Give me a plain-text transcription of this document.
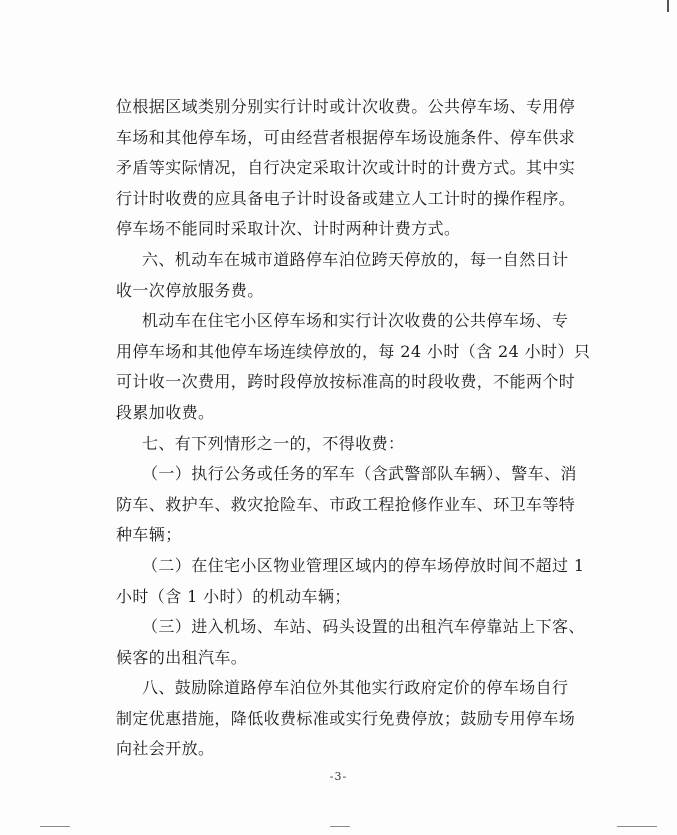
位根据区域类别分别实行计时或计次收费。公共停车场、专用停
车场和其他停车场，可由经营者根据停车场设施条件、停车供求
矛盾等实际情况，自行决定采取计次或计时的计费方式。其中实
行计时收费的应具备电子计时设备或建立人工计时的操作程序。
停车场不能同时采取计次、计时两种计费方式。
六、机动车在城市道路停车泊位跨天停放的，每一自然日计
收一次停放服务费。
机动车在住宅小区停车场和实行计次收费的公共停车场、专
用停车场和其他停车场连续停放的，每 24 小时（含 24 小时）只
可计收一次费用，跨时段停放按标准高的时段收费，不能两个时
段累加收费。
七、有下列情形之一的，不得收费：
（一）执行公务或任务的军车（含武警部队车辆）、警车、消
防车、救护车、救灾抢险车、市政工程抢修作业车、环卫车等特
种车辆；
（二）在住宅小区物业管理区域内的停车场停放时间不超过 1
小时（含 1 小时）的机动车辆；
（三）进入机场、车站、码头设置的出租汽车停靠站上下客、
候客的出租汽车。
八、鼓励除道路停车泊位外其他实行政府定价的停车场自行
制定优惠措施，降低收费标准或实行免费停放；鼓励专用停车场
向社会开放。
-3-
